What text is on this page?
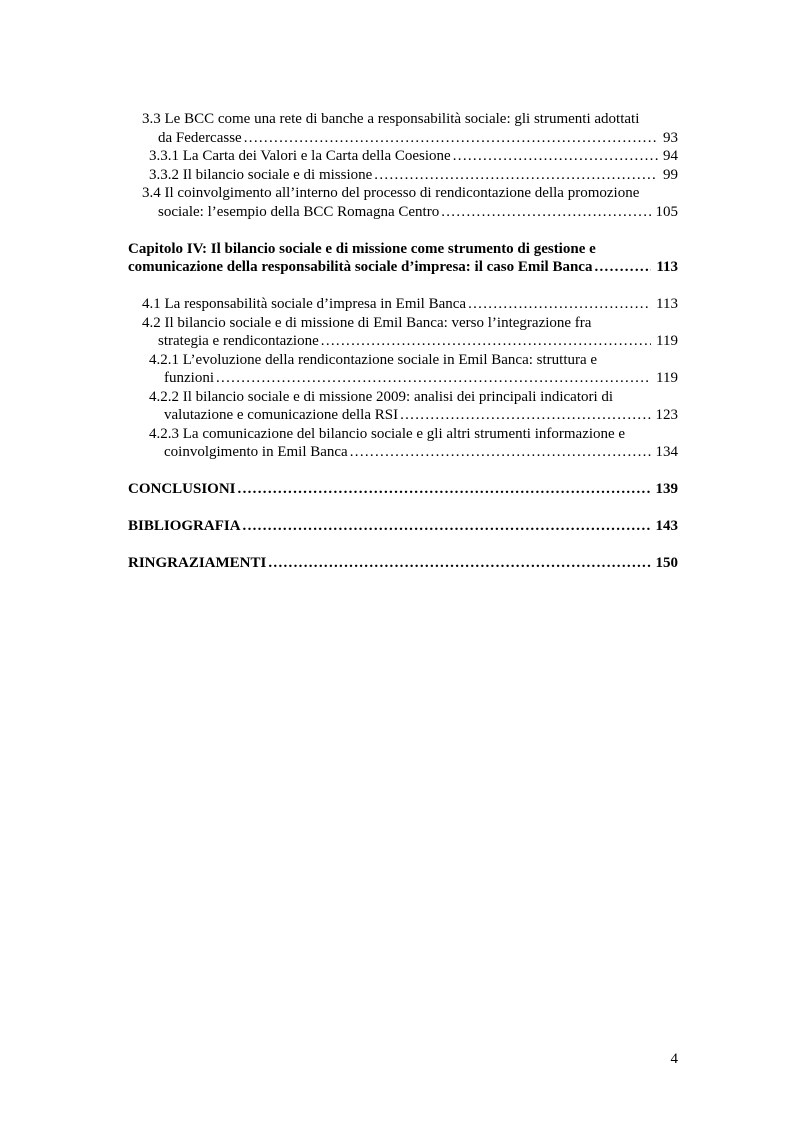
3.3 Le BCC come una rete di banche a responsabilità sociale: gli strumenti adottati
da Federcasse .....	93
3.3.1 La Carta dei Valori e la Carta della Coesione .....	94
3.3.2 Il bilancio sociale e di missione .....	99
3.4 Il coinvolgimento all’interno del processo di rendicontazione della promozione
sociale: l’esempio della BCC Romagna Centro .....	105
Capitolo IV: Il bilancio sociale e di missione come strumento di gestione e
comunicazione della responsabilità sociale d’impresa: il caso Emil Banca .....	113
4.1 La responsabilità sociale d’impresa in Emil Banca .....	113
4.2 Il bilancio sociale e di missione di Emil Banca: verso l’integrazione fra
strategia e rendicontazione .....	119
4.2.1 L’evoluzione della rendicontazione sociale in Emil Banca: struttura e
funzioni .....	119
4.2.2 Il bilancio sociale e di missione 2009: analisi dei principali indicatori di
valutazione e comunicazione della RSI .....	123
4.2.3 La comunicazione del bilancio sociale e gli altri strumenti informazione e
coinvolgimento in Emil Banca .....	134
CONCLUSIONI .....	139
BIBLIOGRAFIA .....	143
RINGRAZIAMENTI .....	150
4
